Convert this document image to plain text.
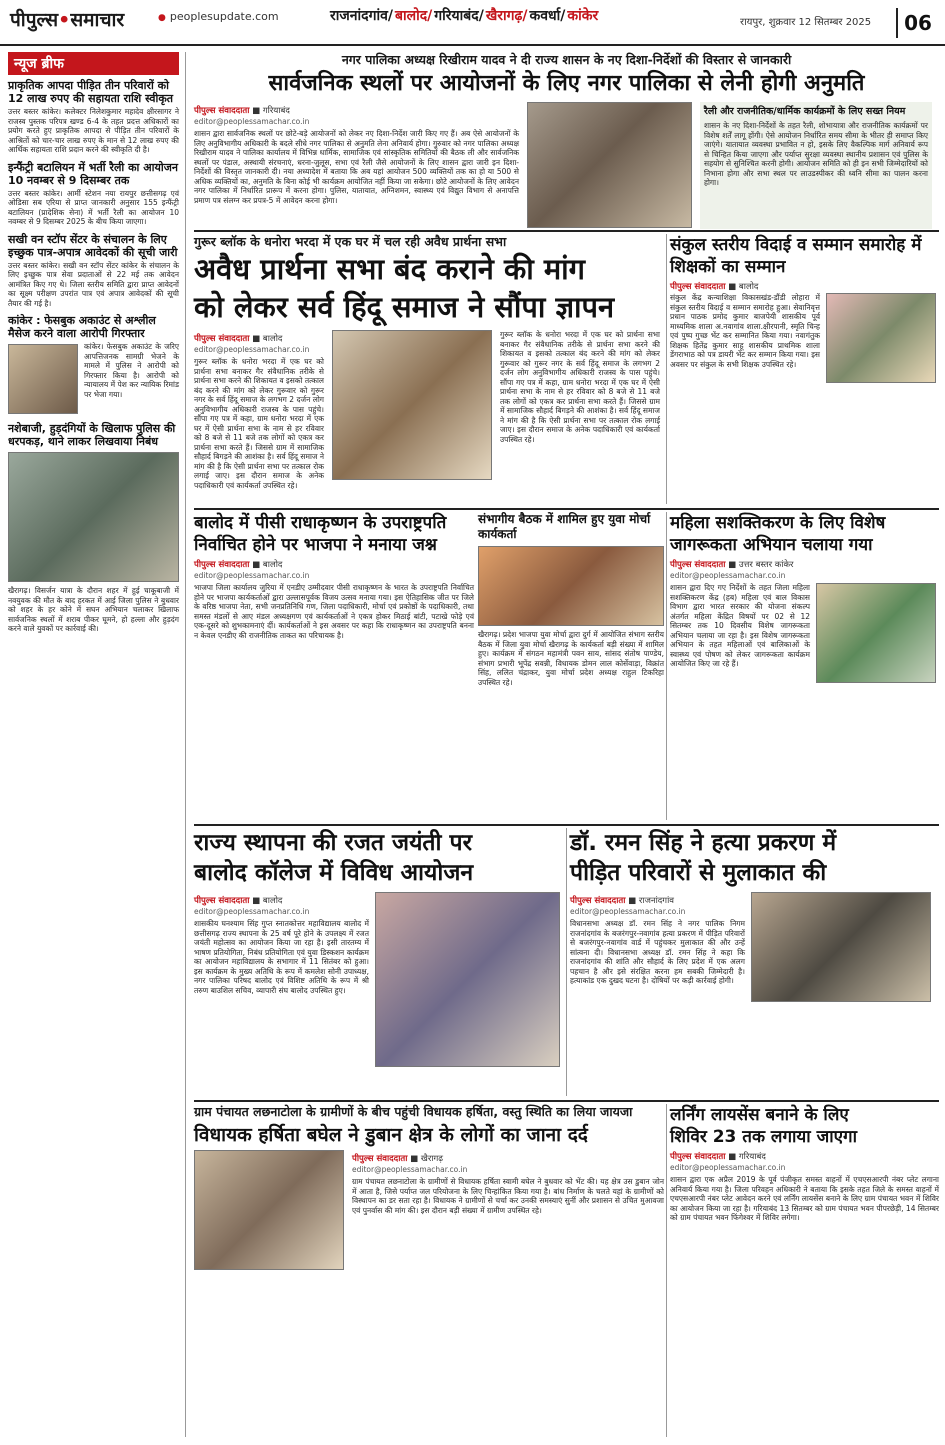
पीपुल्स•समाचार
●	peoplesupdate.com	राजनांदगांव/ बालोद/ गरियाबंद/ खैरागढ़/ कवर्धा/ कांकेर	रायपुर, शुक्रवार 12 सितम्बर 2025	06
न्यूज ब्रीफ
प्राकृतिक आपदा पीड़ित तीन परिवारों को 12 लाख रुपए की सहायता राशि स्वीकृत

उत्तर बस्तर कांकेर। कलेक्टर निलेशकुमार महादेव क्षीरसागर ने राजस्व पुस्तक परिपत्र खण्ड 6-4 के तहत प्रदत्त अधिकारों का प्रयोग करते हुए प्राकृतिक आपदा से पीड़ित तीन परिवारों के आश्रितों को चार-चार लाख रुपए के मान से 12 लाख रुपए की आर्थिक सहायता राशि प्रदान करने की स्वीकृति दी है।

इन्फैंट्री बटालियन में भर्ती रैली का आयोजन 10 नवम्बर से 9 दिसम्बर तक

उत्तर बस्तर कांकेर। आर्मी स्टेशन नया रायपुर छत्तीसगढ़ एवं ओडिसा सब एरिया से प्राप्त जानकारी अनुसार 155 इन्फैंट्री बटालियन (प्रादेशिक सेना) में भर्ती रैली का आयोजन 10 नवम्बर से 9 दिसम्बर 2025 के बीच किया जाएगा।

सखी वन स्टॉप सेंटर के संचालन के लिए इच्छुक पात्र-अपात्र आवेदकों की सूची जारी

उत्तर बस्तर कांकेर। सखी वन स्टॉप सेंटर कांकेर के संचालन के लिए इच्छुक पात्र सेवा प्रदाताओं से 22 मई तक आवेदन आमंत्रित किए गए थे। जिला स्तरीय समिति द्वारा प्राप्त आवेदनों का सूक्ष्म परीक्षण उपरांत पात्र एवं अपात्र आवेदकों की सूची तैयार की गई है।

कांकेर : फेसबुक अकाउंट से अश्लील मैसेज करने वाला आरोपी गिरफ्तार

कांकेर। फेसबुक अकाउंट के जरिए आपत्तिजनक सामग्री भेजने के मामले में पुलिस ने आरोपी को गिरफ्तार किया है। आरोपी को न्यायालय में पेश कर न्यायिक रिमांड पर भेजा गया।

नशेबाजी, हुड़दंगियों के खिलाफ पुलिस की धरपकड़, थाने लाकर लिखवाया निबंध

खैरागढ़। विसर्जन यात्रा के दौरान शहर में हुई चाकूबाजी में नवयुवक की मौत के बाद हरकत में आई जिला पुलिस ने बुधवार को शहर के हर कोने में सघन अभियान चलाकर खिलाफ सार्वजनिक स्थलों में शराब पीकर घूमने, हो हल्ला और हुड़दंग करने वाले युवकों पर कार्रवाई की।

नगर पालिका अध्यक्ष रिखीराम यादव ने दी राज्य शासन के नए दिशा-निर्देशों की विस्तार से जानकारी
सार्वजनिक स्थलों पर आयोजनों के लिए नगर पालिका से लेनी होगी अनुमति
पीपुल्स संवाददाता ■ गरियाबंद
editor@peoplessamachar.co.in
शासन द्वारा सार्वजनिक स्थलों पर छोटे-बड़े आयोजनों को लेकर नए दिशा-निर्देश जारी किए गए हैं। अब ऐसे आयोजनों के लिए अनुविभागीय अधिकारी के बदले सीधे नगर पालिका से अनुमति लेना अनिवार्य होगा। गुरुवार को नगर पालिका अध्यक्ष रिखीराम यादव ने पालिका कार्यालय में विभिन्न धार्मिक, सामाजिक एवं सांस्कृतिक समितियों की बैठक ली और सार्वजनिक स्थलों पर पंडाल, अस्थायी संरचनाएं, धरना-जुलूस, सभा एवं रैली जैसे आयोजनों के लिए शासन द्वारा जारी इन दिशा-निर्देशों की विस्तृत जानकारी दी। नया अध्यादेश में बताया कि अब यहां आयोजन 500 व्यक्तियों तक का हो या 500 से अधिक व्यक्तियों का, अनुमति के बिना कोई भी कार्यक्रम आयोजित नहीं किया जा सकेगा। छोटे आयोजनों के लिए आवेदन नगर पालिका में निर्धारित प्रारूप में करना होगा। पुलिस, यातायात, अग्निशमन, स्वास्थ्य एवं विद्युत विभाग से अनापत्ति प्रमाण पत्र संलग्न कर प्रपत्र-5 में आवेदन करना होगा।
रैली और राजनीतिक/धार्मिक कार्यक्रमों के लिए सख्त नियम
शासन के नए दिशा-निर्देशों के तहत रैली, शोभायात्रा और राजनीतिक कार्यक्रमों पर विशेष शर्तें लागू होंगी। ऐसे आयोजन निर्धारित समय सीमा के भीतर ही समाप्त किए जाएंगे। यातायात व्यवस्था प्रभावित न हो, इसके लिए वैकल्पिक मार्ग अनिवार्य रूप से चिन्हित किया जाएगा और पर्याप्त सुरक्षा व्यवस्था स्थानीय प्रशासन एवं पुलिस के सहयोग से सुनिश्चित करनी होगी। आयोजन समिति को ही इन सभी जिम्मेदारियों को निभाना होगा और सभा स्थल पर लाउडस्पीकर की ध्वनि सीमा का पालन करना होगा।
गुरूर ब्लॉक के धनोरा भरदा में एक घर में चल रही अवैध प्रार्थना सभा
अवैध प्रार्थना सभा बंद कराने की मांग
को लेकर सर्व हिंदू समाज ने सौंपा ज्ञापन
पीपुल्स संवाददाता ■ बालोद
editor@peoplessamachar.co.in
गुरूर ब्लॉक के धनोरा भरदा में एक घर को प्रार्थना सभा बनाकर गैर संवैधानिक तरीके से प्रार्थना सभा करने की शिकायत व इसको तत्काल बंद करने की मांग को लेकर गुरूवार को गुरूर नगर के सर्व हिंदू समाज के लगभग 2 दर्जन लोग अनुविभागीय अधिकारी राजस्व के पास पहुंचे। सौंपा गए पत्र में कहा, ग्राम धनोरा भरदा में एक घर में ऐसी प्रार्थना सभा के नाम से हर रविवार को 8 बजे से 11 बजे तक लोगों को एकत्र कर प्रार्थना सभा करते हैं। जिससे ग्राम में सामाजिक सौहार्द बिगड़ने की आशंका है। सर्व हिंदू समाज ने मांग की है कि ऐसी प्रार्थना सभा पर तत्काल रोक लगाई जाए। इस दौरान समाज के अनेक पदाधिकारी एवं कार्यकर्ता उपस्थित रहे।
गुरूर ब्लॉक के धनोरा भरदा में एक घर को प्रार्थना सभा बनाकर गैर संवैधानिक तरीके से प्रार्थना सभा करने की शिकायत व इसको तत्काल बंद करने की मांग को लेकर गुरूवार को गुरूर नगर के सर्व हिंदू समाज के लगभग 2 दर्जन लोग अनुविभागीय अधिकारी राजस्व के पास पहुंचे। सौंपा गए पत्र में कहा, ग्राम धनोरा भरदा में एक घर में ऐसी प्रार्थना सभा के नाम से हर रविवार को 8 बजे से 11 बजे तक लोगों को एकत्र कर प्रार्थना सभा करते हैं। जिससे ग्राम में सामाजिक सौहार्द बिगड़ने की आशंका है। सर्व हिंदू समाज ने मांग की है कि ऐसी प्रार्थना सभा पर तत्काल रोक लगाई जाए। इस दौरान समाज के अनेक पदाधिकारी एवं कार्यकर्ता उपस्थित रहे।
संकुल स्तरीय विदाई व सम्मान समारोह में शिक्षकों का सम्मान
पीपुल्स संवाददाता ■ बालोद
संकुल केंद्र कन्याशिक्षा विकासखंड-डौंडी लोहारा में संकुल स्तरीय विदाई व सम्मान समारोह हुआ। सेवानिवृत्त प्रधान पाठक प्रमोद कुमार बाजपेयी शासकीय पूर्व माध्यमिक शाला अ.नवागांव शाला.क्षीरपानी, स्मृति चिन्ह एवं पुष्प गुच्छ भेंट कर सम्मानित किया गया। नवागंतुक शिक्षक हितेंद्र कुमार साहू शासकीय प्राथमिक शाला डेंगराभाठ को पत्र डायरी भेंट कर सम्मान किया गया। इस अवसर पर संकुल के सभी शिक्षक उपस्थित रहे।
बालोद में पीसी राधाकृष्णन के उपराष्ट्रपति
निर्वाचित होने पर भाजपा ने मनाया जश्न
पीपुल्स संवाददाता ■ बालोद
editor@peoplessamachar.co.in
भाजपा जिला कार्यालय जुरिया में एनडीए उम्मीदवार पीसी राधाकृष्णन के भारत के उपराष्ट्रपति निर्वाचित होने पर भाजपा कार्यकर्ताओं द्वारा उल्लासपूर्वक विजय उत्सव मनाया गया। इस ऐतिहासिक जीत पर जिले के वरिष्ठ भाजपा नेता, सभी जनप्रतिनिधि गण, जिला पदाधिकारी, मोर्चा एवं प्रकोष्ठों के पदाधिकारी, तथा समस्त मंडलों से आए मंडल अध्यक्षगण एवं कार्यकर्ताओं ने एकत्र होकर मिठाई बांटी, पटाखे फोड़े एवं एक-दूसरे को शुभकामनाएं दीं। कार्यकर्ताओं ने इस अवसर पर कहा कि राधाकृष्णन का उपराष्ट्रपति बनना न केवल एनडीए की राजनीतिक ताकत का परिचायक है।
संभागीय बैठक में शामिल हुए युवा मोर्चा कार्यकर्ता
खैरागढ़। प्रदेश भाजपा युवा मोर्चा द्वारा दुर्ग में आयोजित संभाग स्तरीय बैठक में जिला युवा मोर्चा खैरागढ़ के कार्यकर्ता बड़ी संख्या में शामिल हुए। कार्यक्रम में संगठन महामंत्री पवन साय, सांसद संतोष पाण्डेय, संभाग प्रभारी भूपेंद्र सवन्नी, विधायक डोमन लाल कोर्सेवाड़ा, विक्रांत सिंह, ललित चंद्राकर, युवा मोर्चा प्रदेश अध्यक्ष राहुल टिकरिहा उपस्थित रहे।
महिला सशक्तिकरण के लिए विशेष
जागरूकता अभियान चलाया गया
पीपुल्स संवाददाता ■ उत्तर बस्तर कांकेर
editor@peoplessamachar.co.in
शासन द्वारा दिए गए निर्देशों के तहत जिला महिला सशक्तिकरण केंद्र (हब) महिला एवं बाल विकास विभाग द्वारा भारत सरकार की योजना संकल्प अंतर्गत महिला केंद्रित विषयों पर 02 से 12 सितम्बर तक 10 दिवसीय विशेष जागरूकता अभियान चलाया जा रहा है। इस विशेष जागरूकता अभियान के तहत महिलाओं एवं बालिकाओं के स्वास्थ्य एवं पोषण को लेकर जागरूकता कार्यक्रम आयोजित किए जा रहे हैं।
राज्य स्थापना की रजत जयंती पर
बालोद कॉलेज में विविध आयोजन
पीपुल्स संवाददाता ■ बालोद
editor@peoplessamachar.co.in
शासकीय घनश्याम सिंह गुप्त स्नातकोत्तर महाविद्यालय बालोद में छत्तीसगढ़ राज्य स्थापना के 25 वर्ष पूरे होने के उपलक्ष्य में रजत जयंती महोत्सव का आयोजन किया जा रहा है। इसी तारतम्य में भाषण प्रतियोगिता, निबंध प्रतियोगिता एवं युवा डिस्कशन कार्यक्रम का आयोजन महाविद्यालय के सभागार में 11 सितंबर को हुआ। इस कार्यक्रम के मुख्य अतिथि के रूप में कमलेश सोनी उपाध्यक्ष, नगर पालिका परिषद बालोद एवं विशिष्ट अतिथि के रूप में श्री तरुण बाउशिल सचिव, व्यापारी संघ बालोद उपस्थित हुए।
डॉ. रमन सिंह ने हत्या प्रकरण में
पीड़ित परिवारों से मुलाकात की
पीपुल्स संवाददाता ■ राजनांदगांव
editor@peoplessamachar.co.in
विधानसभा अध्यक्ष डॉ. रमन सिंह ने नगर पालिक निगम राजनांदगांव के बजरंगपुर-नवागांव हत्या प्रकरण में पीड़ित परिवारों से बजरंगपुर-नवागांव वार्ड में पहुंचकर मुलाकात की और उन्हें सांत्वना दी। विधानसभा अध्यक्ष डॉ. रमन सिंह ने कहा कि राजनांदगांव की शांति और सौहार्द के लिए प्रदेश में एक अलग पहचान है और इसे संरक्षित करना हम सबकी जिम्मेदारी है। हत्याकांड एक दुखद घटना है। दोषियों पर कड़ी कार्रवाई होगी।
ग्राम पंचायत लछनाटोला के ग्रामीणों के बीच पहुंची विधायक हर्षिता, वस्तु स्थिति का लिया जायजा
विधायक हर्षिता बघेल ने डुबान क्षेत्र के लोगों का जाना दर्द
पीपुल्स संवाददाता ■ खैरागढ़
editor@peoplessamachar.co.in
ग्राम पंचायत लछनाटोला के ग्रामीणों से विधायक हर्षिता स्वामी बघेल ने बुधवार को भेंट की। यह क्षेत्र उस डुबान जोन में आता है, जिसे पर्याप्त जल परियोजना के लिए चिन्हांकित किया गया है। बांध निर्माण के चलते यहां के ग्रामीणों को विस्थापन का डर सता रहा है। विधायक ने ग्रामीणों से चर्चा कर उनकी समस्याएं सुनीं और प्रशासन से उचित मुआवजा एवं पुनर्वास की मांग की। इस दौरान बड़ी संख्या में ग्रामीण उपस्थित रहे।
लर्निंग लायसेंस बनाने के लिए
शिविर 23 तक लगाया जाएगा
पीपुल्स संवाददाता ■ गरियाबंद
editor@peoplessamachar.co.in
शासन द्वारा एक अप्रैल 2019 के पूर्व पंजीकृत समस्त वाहनों में एचएसआरपी नंबर प्लेट लगाना अनिवार्य किया गया है। जिला परिवहन अधिकारी ने बताया कि इसके तहत जिले के समस्त वाहनों में एचएसआरपी नंबर प्लेट आवेदन करने एवं लर्निंग लायसेंस बनाने के लिए ग्राम पंचायत भवन में शिविर का आयोजन किया जा रहा है। गरियाबंद 13 सितम्बर को ग्राम पंचायत भवन पीपरछेड़ी, 14 सितम्बर को ग्राम पंचायत भवन फिंगेश्वर में शिविर लगेगा।
